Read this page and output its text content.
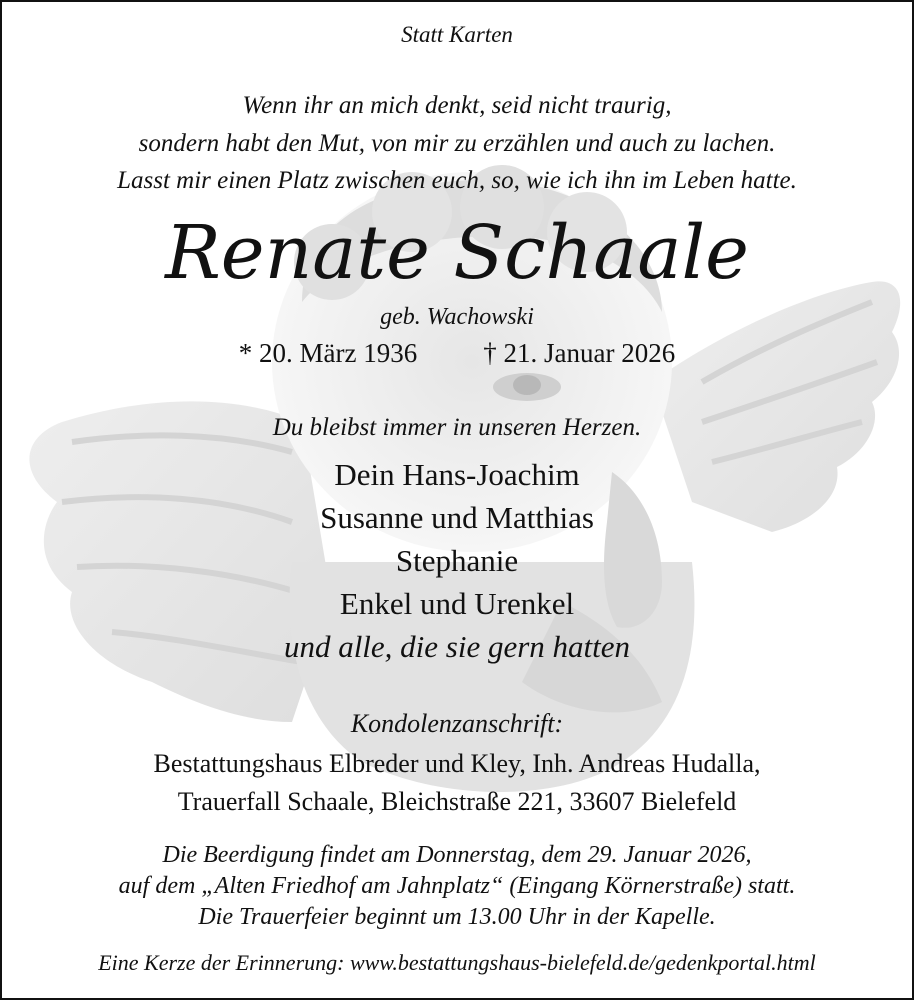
Statt Karten
Wenn ihr an mich denkt, seid nicht traurig,
sondern habt den Mut, von mir zu erzählen und auch zu lachen.
Lasst mir einen Platz zwischen euch, so, wie ich ihn im Leben hatte.
Renate Schaale
geb. Wachowski
* 20. März 1936 † 21. Januar 2026
Du bleibst immer in unseren Herzen.
Dein Hans-Joachim
Susanne und Matthias
Stephanie
Enkel und Urenkel
und alle, die sie gern hatten
Kondolenzanschrift:
Bestattungshaus Elbreder und Kley, Inh. Andreas Hudalla,
Trauerfall Schaale, Bleichstraße 221, 33607 Bielefeld
Die Beerdigung findet am Donnerstag, dem 29. Januar 2026,
auf dem „Alten Friedhof am Jahnplatz“ (Eingang Körnerstraße) statt.
Die Trauerfeier beginnt um 13.00 Uhr in der Kapelle.
Eine Kerze der Erinnerung: www.bestattungshaus-bielefeld.de/gedenkportal.html
